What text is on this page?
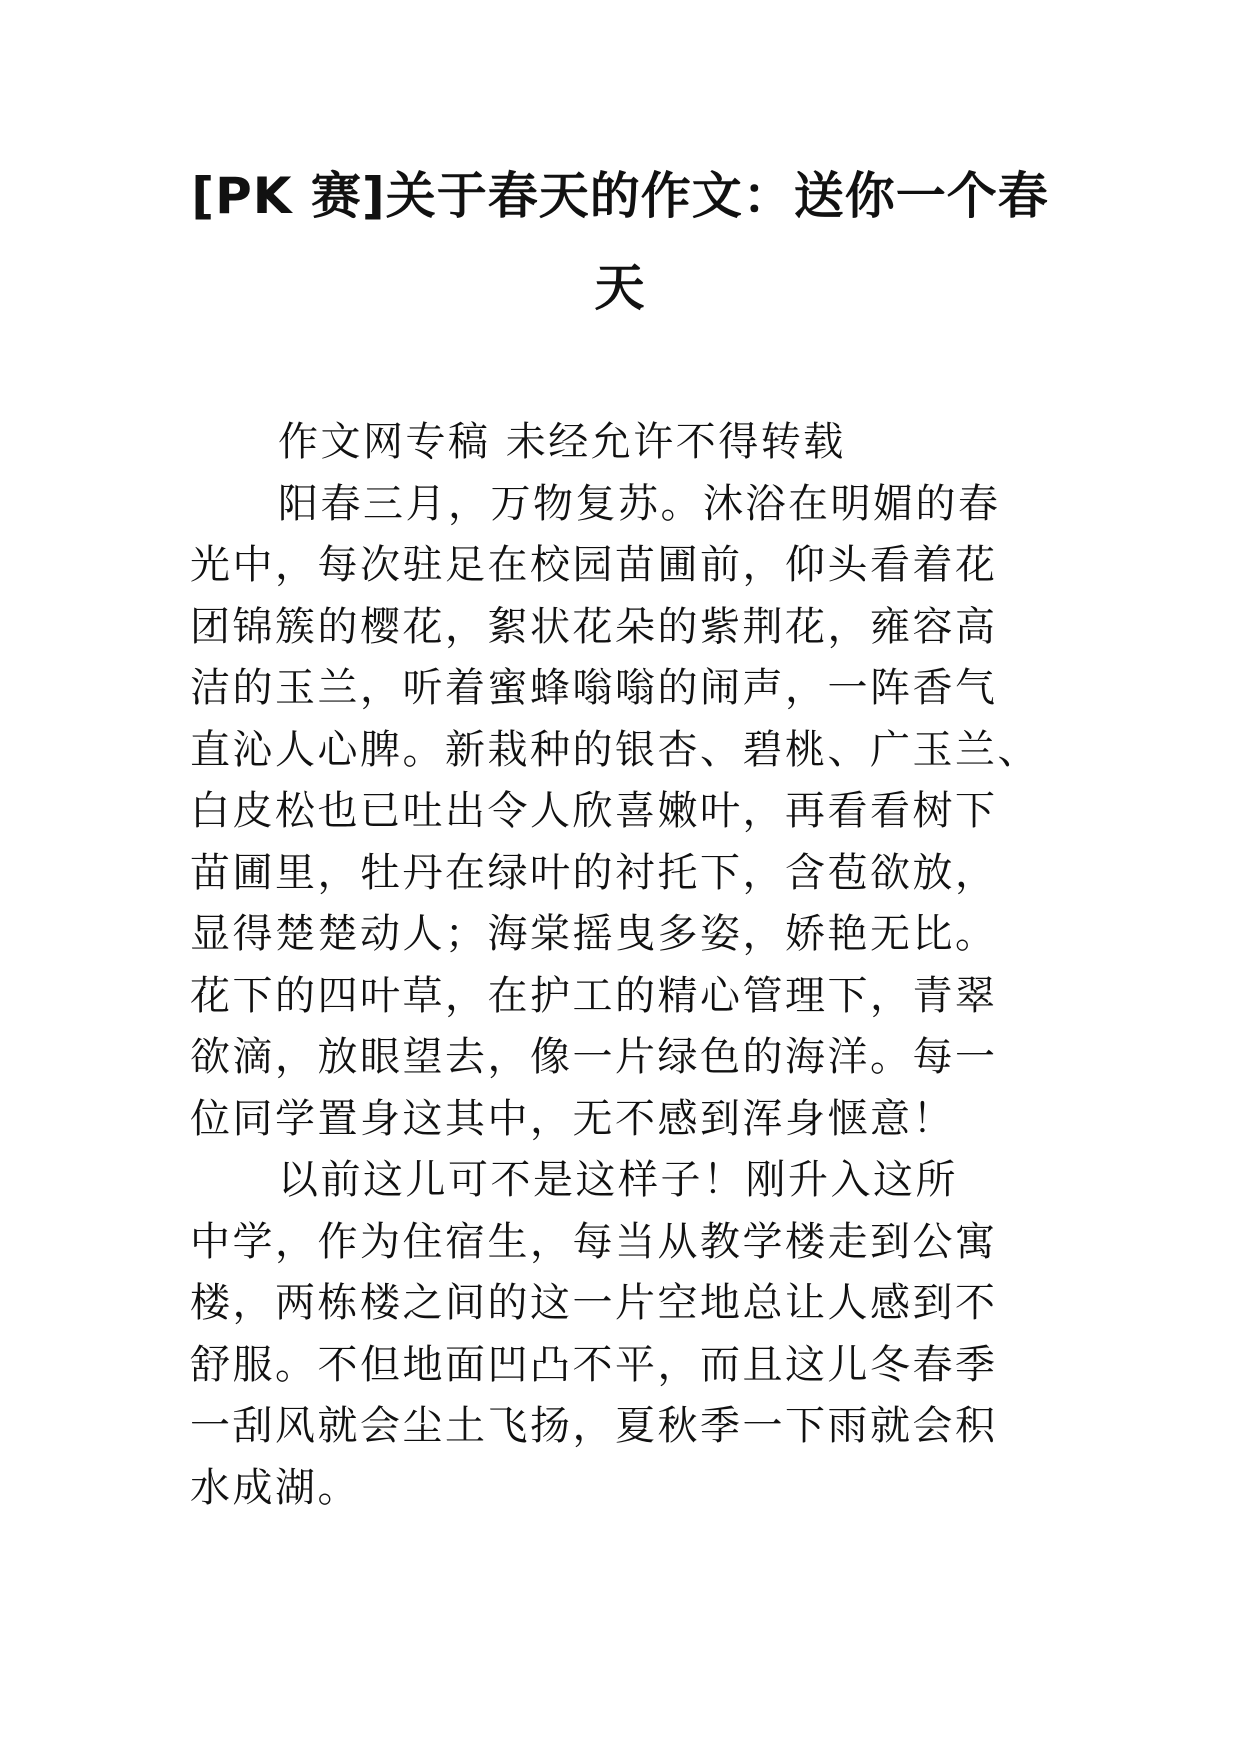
[PK 赛]关于春天的作文：送你一个春
天
作文网专稿 未经允许不得转载
阳春三月，万物复苏。沐浴在明媚的春
光中，每次驻足在校园苗圃前，仰头看着花
团锦簇的樱花，絮状花朵的紫荆花，雍容高
洁的玉兰，听着蜜蜂嗡嗡的闹声，一阵香气
直沁人心脾。新栽种的银杏、碧桃、广玉兰、
白皮松也已吐出令人欣喜嫩叶，再看看树下
苗圃里，牡丹在绿叶的衬托下，含苞欲放，
显得楚楚动人；海棠摇曳多姿，娇艳无比。
花下的四叶草，在护工的精心管理下，青翠
欲滴，放眼望去，像一片绿色的海洋。每一
位同学置身这其中，无不感到浑身惬意！
以前这儿可不是这样子！刚升入这所
中学，作为住宿生，每当从教学楼走到公寓
楼，两栋楼之间的这一片空地总让人感到不
舒服。不但地面凹凸不平，而且这儿冬春季
一刮风就会尘土飞扬，夏秋季一下雨就会积
水成湖。
